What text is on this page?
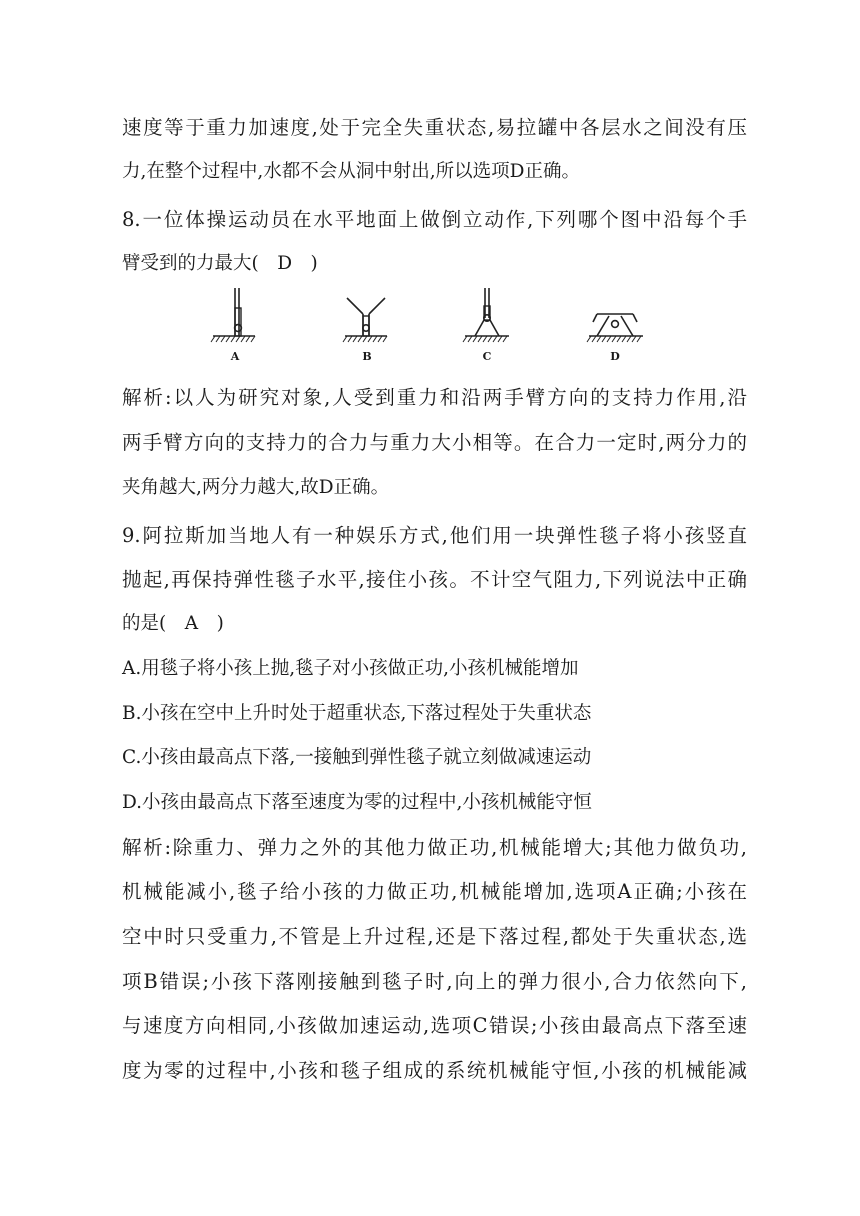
速度等于重力加速度,处于完全失重状态,易拉罐中各层水之间没有压
力,在整个过程中,水都不会从洞中射出,所以选项D正确。
8.一位体操运动员在水平地面上做倒立动作,下列哪个图中沿每个手
臂受到的力最大(　D　)
A	B	C	D
解析:以人为研究对象,人受到重力和沿两手臂方向的支持力作用,沿
两手臂方向的支持力的合力与重力大小相等。在合力一定时,两分力的
夹角越大,两分力越大,故D正确。
9.阿拉斯加当地人有一种娱乐方式,他们用一块弹性毯子将小孩竖直
抛起,再保持弹性毯子水平,接住小孩。不计空气阻力,下列说法中正确
的是(　A　)
A.用毯子将小孩上抛,毯子对小孩做正功,小孩机械能增加
B.小孩在空中上升时处于超重状态,下落过程处于失重状态
C.小孩由最高点下落,一接触到弹性毯子就立刻做减速运动
D.小孩由最高点下落至速度为零的过程中,小孩机械能守恒
解析:除重力、弹力之外的其他力做正功,机械能增大;其他力做负功,
机械能减小,毯子给小孩的力做正功,机械能增加,选项A正确;小孩在
空中时只受重力,不管是上升过程,还是下落过程,都处于失重状态,选
项B错误;小孩下落刚接触到毯子时,向上的弹力很小,合力依然向下,
与速度方向相同,小孩做加速运动,选项C错误;小孩由最高点下落至速
度为零的过程中,小孩和毯子组成的系统机械能守恒,小孩的机械能减
